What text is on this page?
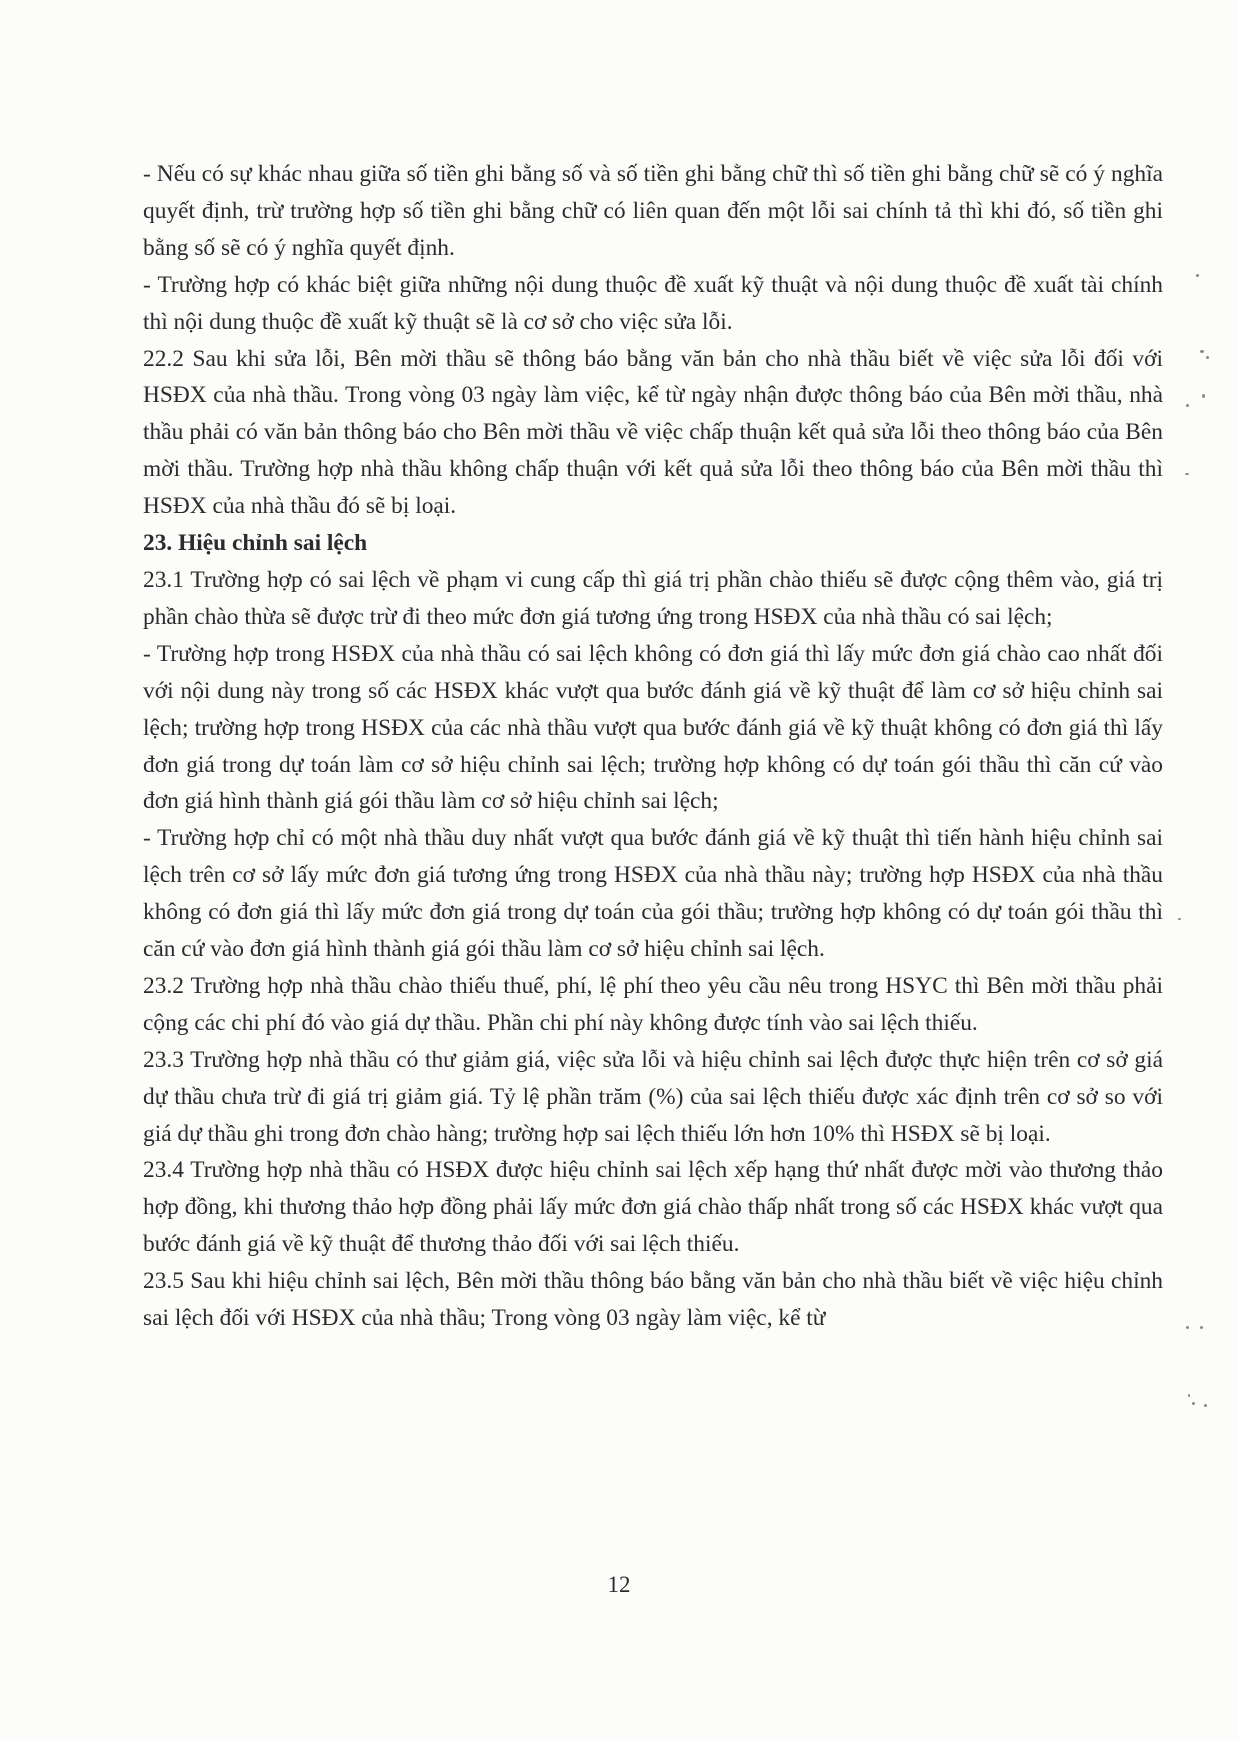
- Nếu có sự khác nhau giữa số tiền ghi bằng số và số tiền ghi bằng chữ thì số tiền ghi bằng chữ sẽ có ý nghĩa quyết định, trừ trường hợp số tiền ghi bằng chữ có liên quan đến một lỗi sai chính tả thì khi đó, số tiền ghi bằng số sẽ có ý nghĩa quyết định.

- Trường hợp có khác biệt giữa những nội dung thuộc đề xuất kỹ thuật và nội dung thuộc đề xuất tài chính thì nội dung thuộc đề xuất kỹ thuật sẽ là cơ sở cho việc sửa lỗi.

22.2 Sau khi sửa lỗi, Bên mời thầu sẽ thông báo bằng văn bản cho nhà thầu biết về việc sửa lỗi đối với HSĐX của nhà thầu. Trong vòng 03 ngày làm việc, kể từ ngày nhận được thông báo của Bên mời thầu, nhà thầu phải có văn bản thông báo cho Bên mời thầu về việc chấp thuận kết quả sửa lỗi theo thông báo của Bên mời thầu. Trường hợp nhà thầu không chấp thuận với kết quả sửa lỗi theo thông báo của Bên mời thầu thì HSĐX của nhà thầu đó sẽ bị loại.

23. Hiệu chỉnh sai lệch

23.1 Trường hợp có sai lệch về phạm vi cung cấp thì giá trị phần chào thiếu sẽ được cộng thêm vào, giá trị phần chào thừa sẽ được trừ đi theo mức đơn giá tương ứng trong HSĐX của nhà thầu có sai lệch;

- Trường hợp trong HSĐX của nhà thầu có sai lệch không có đơn giá thì lấy mức đơn giá chào cao nhất đối với nội dung này trong số các HSĐX khác vượt qua bước đánh giá về kỹ thuật để làm cơ sở hiệu chỉnh sai lệch; trường hợp trong HSĐX của các nhà thầu vượt qua bước đánh giá về kỹ thuật không có đơn giá thì lấy đơn giá trong dự toán làm cơ sở hiệu chỉnh sai lệch; trường hợp không có dự toán gói thầu thì căn cứ vào đơn giá hình thành giá gói thầu làm cơ sở hiệu chỉnh sai lệch;

- Trường hợp chỉ có một nhà thầu duy nhất vượt qua bước đánh giá về kỹ thuật thì tiến hành hiệu chỉnh sai lệch trên cơ sở lấy mức đơn giá tương ứng trong HSĐX của nhà thầu này; trường hợp HSĐX của nhà thầu không có đơn giá thì lấy mức đơn giá trong dự toán của gói thầu; trường hợp không có dự toán gói thầu thì căn cứ vào đơn giá hình thành giá gói thầu làm cơ sở hiệu chỉnh sai lệch.

23.2 Trường hợp nhà thầu chào thiếu thuế, phí, lệ phí theo yêu cầu nêu trong HSYC thì Bên mời thầu phải cộng các chi phí đó vào giá dự thầu. Phần chi phí này không được tính vào sai lệch thiếu.

23.3 Trường hợp nhà thầu có thư giảm giá, việc sửa lỗi và hiệu chỉnh sai lệch được thực hiện trên cơ sở giá dự thầu chưa trừ đi giá trị giảm giá. Tỷ lệ phần trăm (%) của sai lệch thiếu được xác định trên cơ sở so với giá dự thầu ghi trong đơn chào hàng; trường hợp sai lệch thiếu lớn hơn 10% thì HSĐX sẽ bị loại.

23.4 Trường hợp nhà thầu có HSĐX được hiệu chỉnh sai lệch xếp hạng thứ nhất được mời vào thương thảo hợp đồng, khi thương thảo hợp đồng phải lấy mức đơn giá chào thấp nhất trong số các HSĐX khác vượt qua bước đánh giá về kỹ thuật để thương thảo đối với sai lệch thiếu.

23.5 Sau khi hiệu chỉnh sai lệch, Bên mời thầu thông báo bằng văn bản cho nhà thầu biết về việc hiệu chỉnh sai lệch đối với HSĐX của nhà thầu; Trong vòng 03 ngày làm việc, kể từ

12
